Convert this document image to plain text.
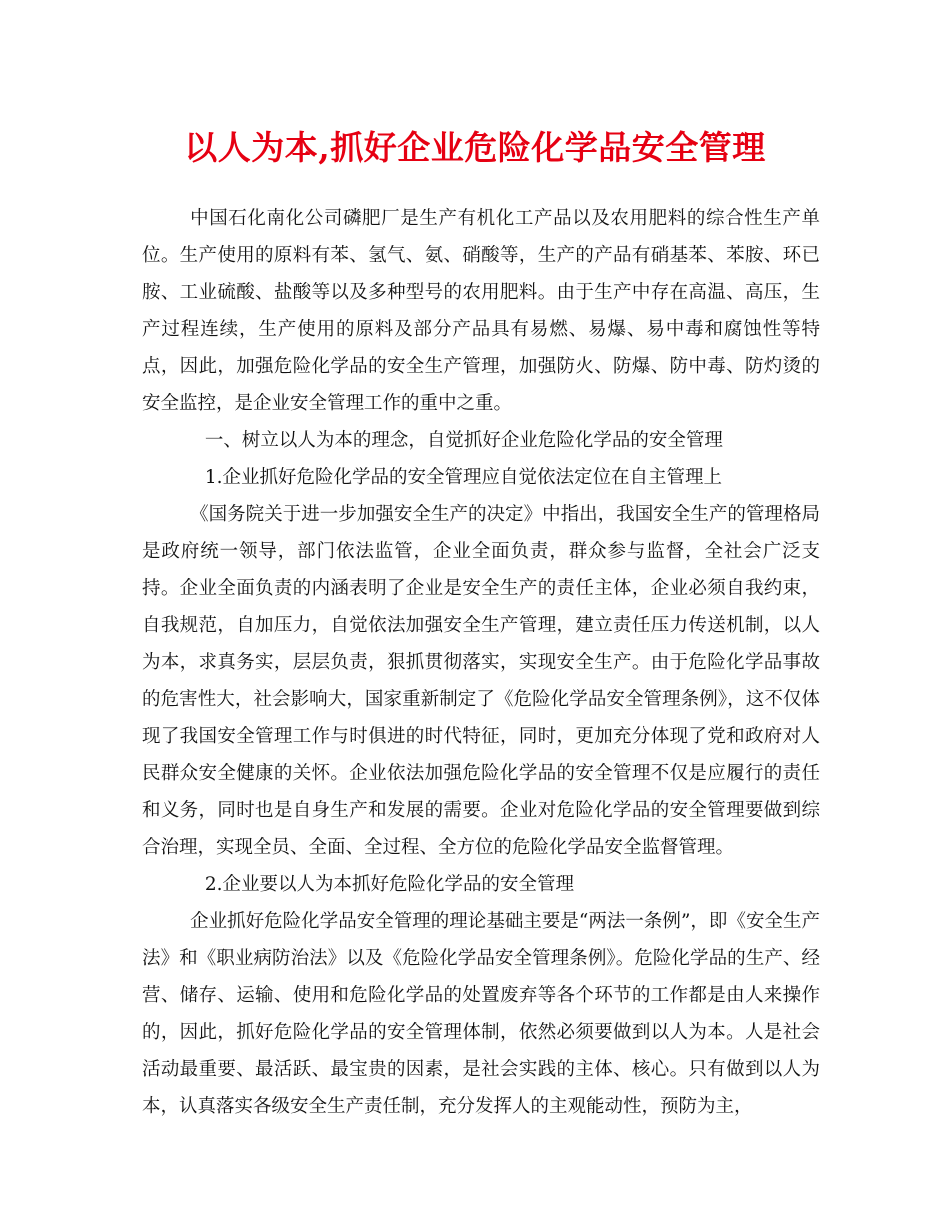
以人为本,抓好企业危险化学品安全管理

中国石化南化公司磷肥厂是生产有机化工产品以及农用肥料的综合性生产单位。生产使用的原料有苯、氢气、氨、硝酸等，生产的产品有硝基苯、苯胺、环已胺、工业硫酸、盐酸等以及多种型号的农用肥料。由于生产中存在高温、高压，生产过程连续，生产使用的原料及部分产品具有易燃、易爆、易中毒和腐蚀性等特点，因此，加强危险化学品的安全生产管理，加强防火、防爆、防中毒、防灼烫的安全监控，是企业安全管理工作的重中之重。

一、树立以人为本的理念，自觉抓好企业危险化学品的安全管理

1.企业抓好危险化学品的安全管理应自觉依法定位在自主管理上

《国务院关于进一步加强安全生产的决定》中指出，我国安全生产的管理格局是政府统一领导，部门依法监管，企业全面负责，群众参与监督，全社会广泛支持。企业全面负责的内涵表明了企业是安全生产的责任主体，企业必须自我约束，自我规范，自加压力，自觉依法加强安全生产管理，建立责任压力传送机制，以人为本，求真务实，层层负责，狠抓贯彻落实，实现安全生产。由于危险化学品事故的危害性大，社会影响大，国家重新制定了《危险化学品安全管理条例》，这不仅体现了我国安全管理工作与时俱进的时代特征，同时，更加充分体现了党和政府对人民群众安全健康的关怀。企业依法加强危险化学品的安全管理不仅是应履行的责任和义务，同时也是自身生产和发展的需要。企业对危险化学品的安全管理要做到综合治理，实现全员、全面、全过程、全方位的危险化学品安全监督管理。

2.企业要以人为本抓好危险化学品的安全管理

企业抓好危险化学品安全管理的理论基础主要是“两法一条例”，即《安全生产法》和《职业病防治法》以及《危险化学品安全管理条例》。危险化学品的生产、经营、储存、运输、使用和危险化学品的处置废弃等各个环节的工作都是由人来操作的，因此，抓好危险化学品的安全管理体制，依然必须要做到以人为本。人是社会活动最重要、最活跃、最宝贵的因素，是社会实践的主体、核心。只有做到以人为本，认真落实各级安全生产责任制，充分发挥人的主观能动性，预防为主，
